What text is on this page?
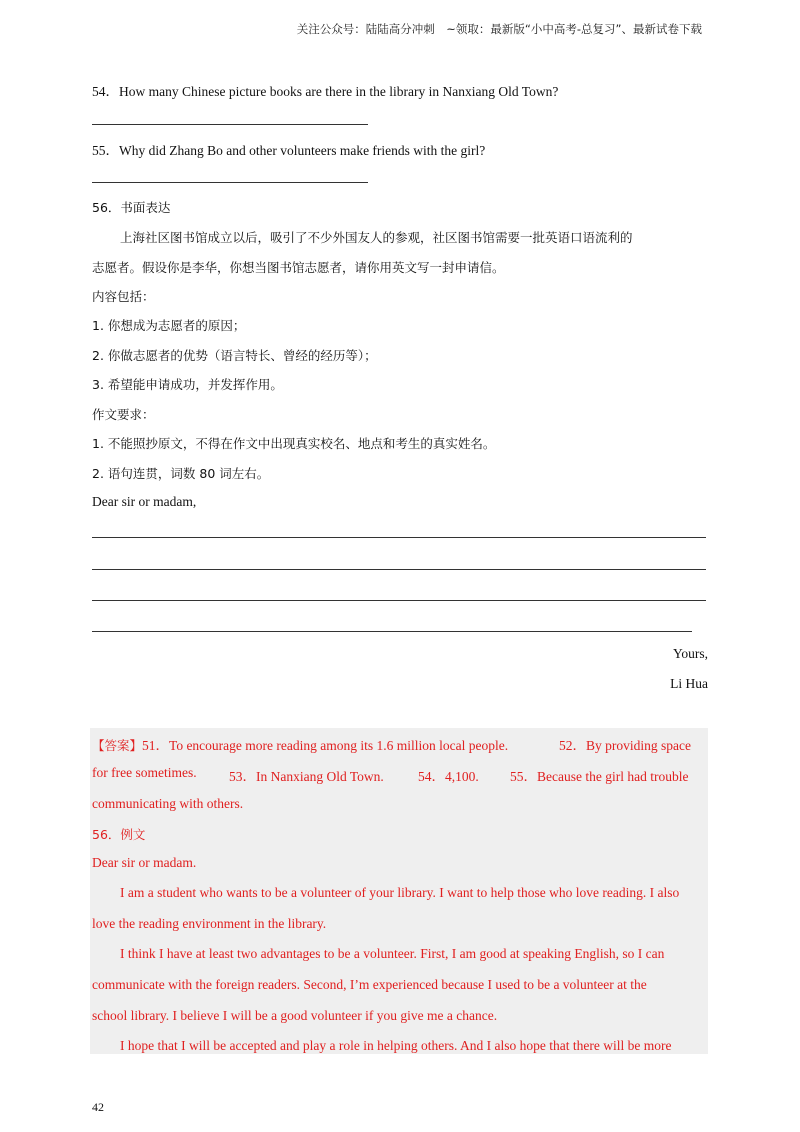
关注公众号：陆陆高分冲刺　~领取：最新版“小中高考-总复习”、最新试卷下载
54．How many Chinese picture books are there in the library in Nanxiang Old Town?
55．Why did Zhang Bo and other volunteers make friends with the girl?
56．书面表达
上海社区图书馆成立以后，吸引了不少外国友人的参观，社区图书馆需要一批英语口语流利的
志愿者。假设你是李华，你想当图书馆志愿者，请你用英文写一封申请信。
内容包括：
1. 你想成为志愿者的原因；
2. 你做志愿者的优势（语言特长、曾经的经历等）；
3. 希望能申请成功，并发挥作用。
作文要求：
1. 不能照抄原文，不得在作文中出现真实校名、地点和考生的真实姓名。
2. 语句连贯，词数 80 词左右。
Dear sir or madam,
Yours,
Li Hua
【答案】51．To encourage more reading among its 1.6 million local people.	52．By providing space
for free sometimes. 53．In Nanxiang Old Town.	54．4,100. 55．Because the girl had trouble
communicating with others.
56．例文
Dear sir or madam.
I am a student who wants to be a volunteer of your library. I want to help those who love reading. I also
love the reading environment in the library.
I think I have at least two advantages to be a volunteer. First, I am good at speaking English, so I can
communicate with the foreign readers. Second, I’m experienced because I used to be a volunteer at the
school library. I believe I will be a good volunteer if you give me a chance.
I hope that I will be accepted and play a role in helping others. And I also hope that there will be more
42
